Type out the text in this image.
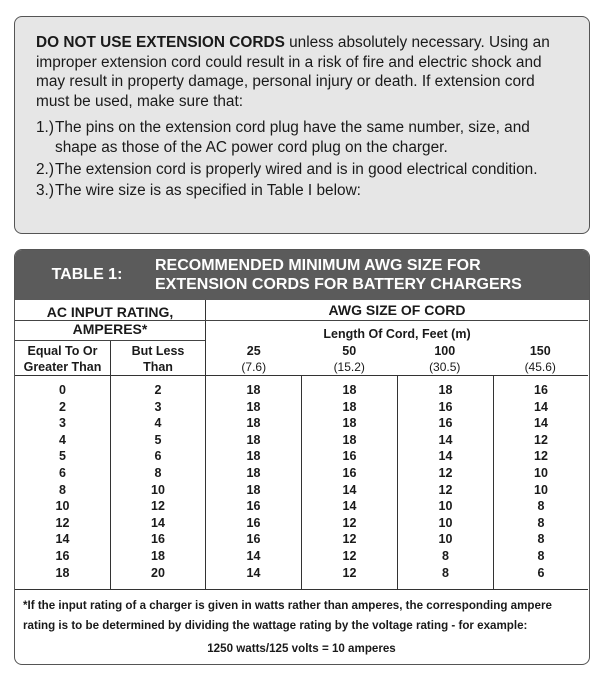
DO NOT USE EXTENSION CORDS unless absolutely necessary. Using an improper extension cord could result in a risk of fire and electric shock and may result in property damage, personal injury or death. If extension cord must be used, make sure that:

1.) The pins on the extension cord plug have the same number, size, and shape as those of the AC power cord plug on the charger.
2.) The extension cord is properly wired and is in good electrical condition.
3.) The wire size is as specified in Table I below:
TABLE 1:
RECOMMENDED MINIMUM AWG SIZE FOR
EXTENSION CORDS FOR BATTERY CHARGERS
AC INPUT RATING,	AWG SIZE OF CORD
AMPERES*
Equal To Or
Greater Than
But Less
Than
Length Of Cord, Feet (m)
25
(7.6)
50
(15.2)
100
(30.5)
150
(45.6)
0
2
3
4
5
6
8
10
12
14
16
18
2
3
4
5
6
8
10
12
14
16
18
20
18
18
18
18
18
18
18
16
16
16
14
14
18
18
18
18
16
16
14
14
12
12
12
12
18
16
16
14
14
12
12
10
10
10
8
8
16
14
14
12
12
10
10
8
8
8
8
6

*If the input rating of a charger is given in watts rather than amperes, the corresponding ampere rating is to be determined by dividing the wattage rating by the voltage rating - for example:

1250 watts/125 volts = 10 amperes
